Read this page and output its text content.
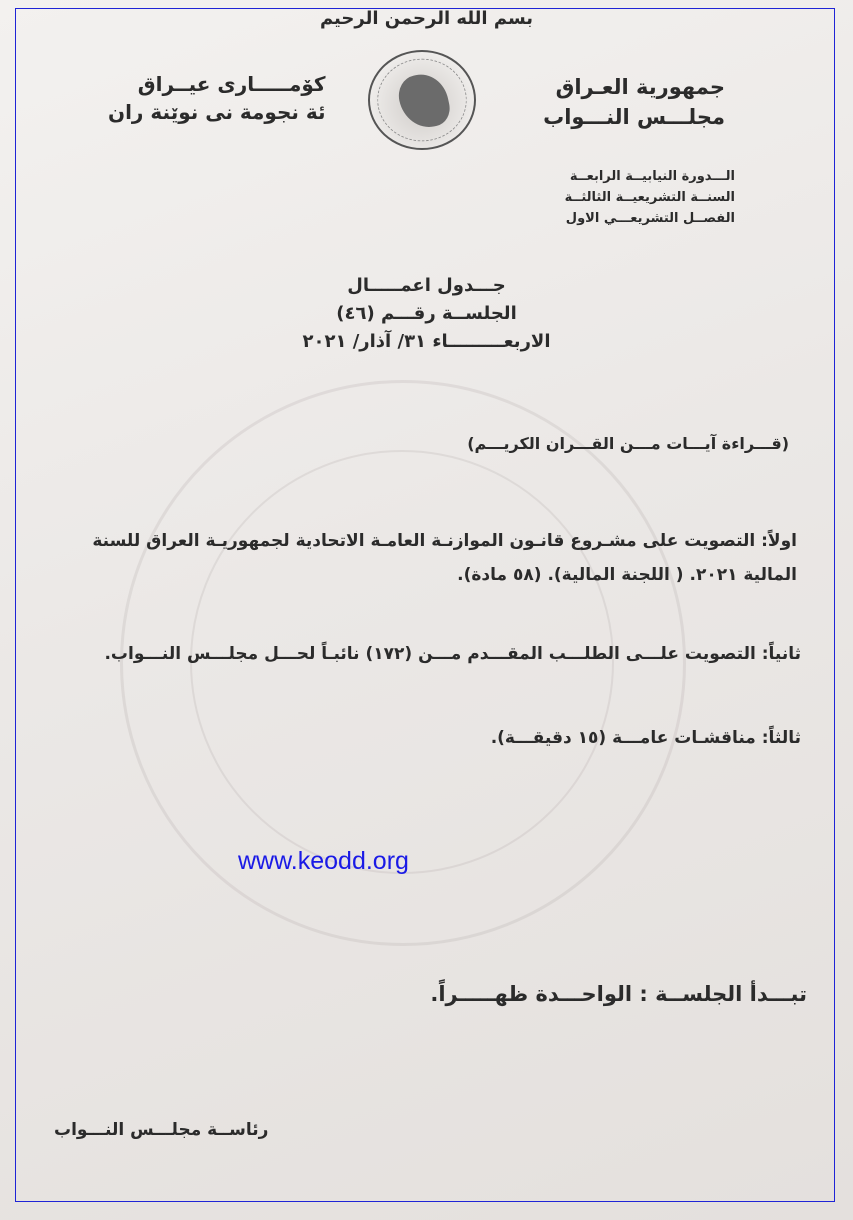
بسم الله الرحمن الرحيم
جمهورية العـراق
مجلـــس النـــواب
كۆمـــــارى عيــراق
ئة نجومة نى نوێنة ران
الـــدورة النيابيــة الرابعــة
السنــة التشريعيــة الثالثــة
الفصــل التشريعـــي الاول
جـــدول اعمـــــال
الجلســة رقـــم (٤٦)
الاربعـــــــــاء ٣١/ آذار/ ٢٠٢١
(قـــراءة آيـــات مـــن القـــران الكريـــم)
اولاً: التصويت على مشـروع قانـون الموازنـة العامـة الاتحادية لجمهوريـة العراق للسنة المالية ٢٠٢١. ( اللجنة المالية). (٥٨ مادة).
ثانياً: التصويت علـــى الطلـــب المقـــدم مـــن (١٧٢) نائبـاً لحـــل مجلـــس النـــواب.
ثالثاً: مناقشـات عامـــة (١٥ دقيقـــة).
www.keodd.org
تبـــدأ الجلســة : الواحـــدة ظهـــــراً.
رئاســة مجلـــس النـــواب
